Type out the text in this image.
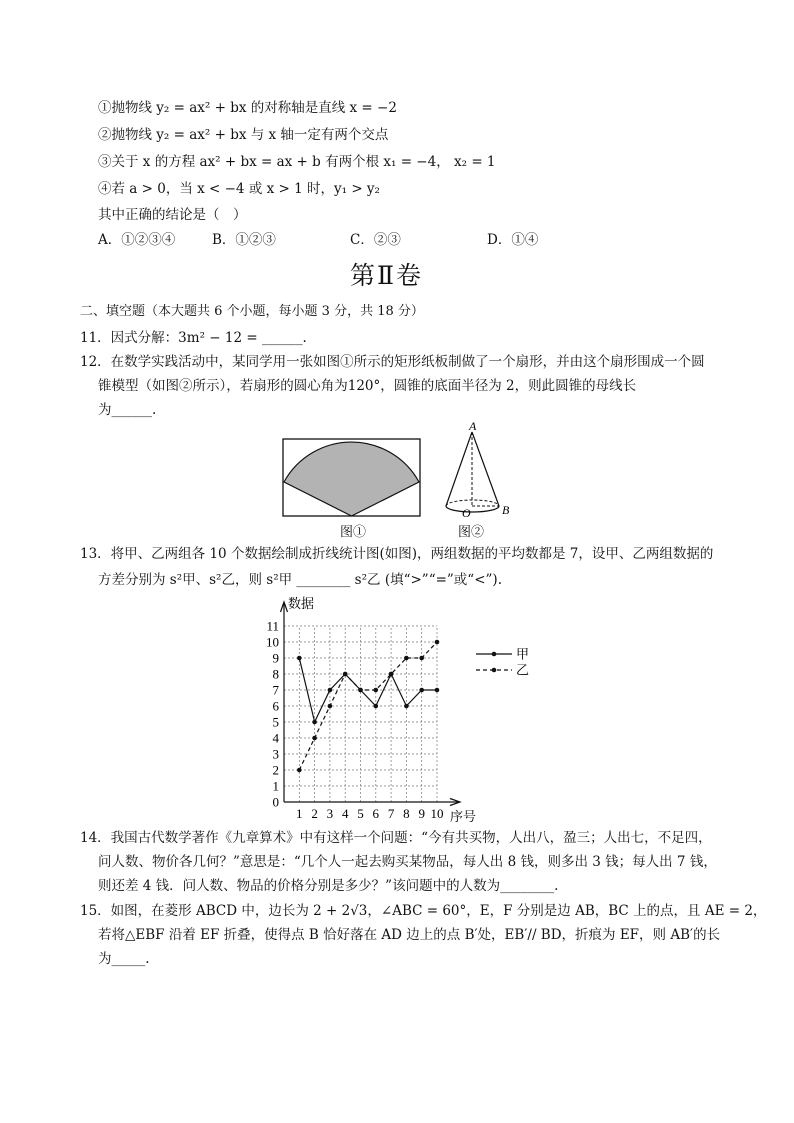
①抛物线 y₂ = ax² + bx 的对称轴是直线 x = −2
②抛物线 y₂ = ax² + bx 与 x 轴一定有两个交点
③关于 x 的方程 ax² + bx = ax + b 有两个根 x₁ = −4， x₂ = 1
④若 a > 0，当 x < −4 或 x > 1 时，y₁ > y₂
其中正确的结论是（　）
A．①②③④	B．①②③	C．②③	D．①④
第Ⅱ卷
二、填空题（本大题共 6 个小题，每小题 3 分，共 18 分）
11．因式分解：3m² − 12 = ______.
12．在数学实践活动中，某同学用一张如图①所示的矩形纸板制做了一个扇形，并由这个扇形围成一个圆
锥模型（如图②所示），若扇形的圆心角为120°，圆锥的底面半径为 2，则此圆锥的母线长
为______.
图①
A
O	B
图②
13．将甲、乙两组各 10 个数据绘制成折线统计图(如图)，两组数据的平均数都是 7，设甲、乙两组数据的
方差分别为 s²甲、s²乙，则 s²甲 ________ s²乙 (填“>”“=”或“<”).
数据
序号
0
1
2
3
4
5
6
7
8
9
10
11
1 2 3 4 5 6 7 8 9 10
甲
乙
14．我国古代数学著作《九章算术》中有这样一个问题：“今有共买物，人出八，盈三；人出七，不足四，
问人数、物价各几何？”意思是：“几个人一起去购买某物品，每人出 8 钱，则多出 3 钱；每人出 7 钱，
则还差 4 钱．问人数、物品的价格分别是多少？”该问题中的人数为________.
15．如图，在菱形 ABCD 中，边长为 2 + 2√3，∠ABC = 60°，E，F 分别是边 AB，BC 上的点，且 AE = 2，
若将△EBF 沿着 EF 折叠，使得点 B 恰好落在 AD 边上的点 B′处，EB′// BD，折痕为 EF，则 AB′的长
为_____.
